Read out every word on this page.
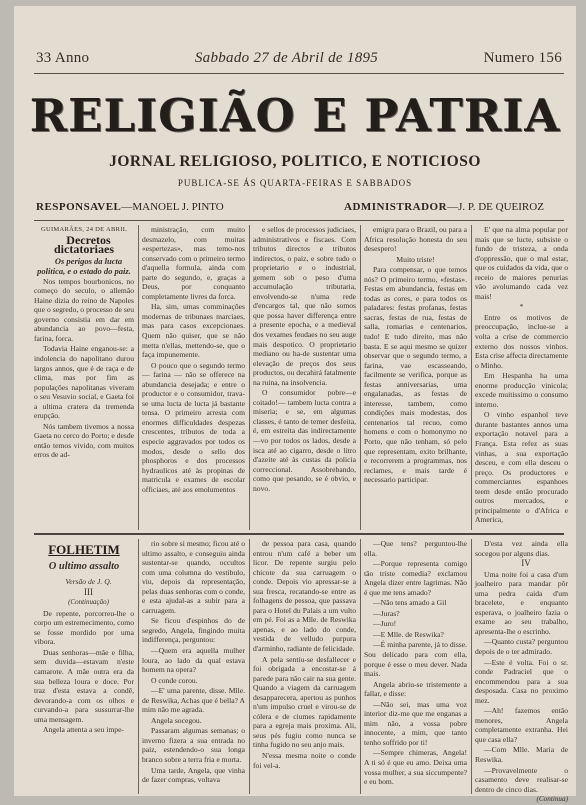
33 Anno	Sabbado 27 de Abril de 1895	Numero 156
RELIGIÃO E PATRIA
JORNAL RELIGIOSO, POLITICO, E NOTICIOSO
PUBLICA-SE ÁS QUARTA-FEIRAS E SABBADOS
RESPONSAVEL—MANOEL J. PINTO	ADMINISTRADOR—J. P. DE QUEIROZ

GUIMARÃES, 24 DE ABRIL

Decretos dictatoriaes

Os perigos da lucta politica, e o estado do paiz.

Nos tempos bourbonicos, no começo do seculo, o allemão Haine dizia do reino de Napoles que o segredo, o processo de seu governo consistia em dar em abundancia ao povo—festa, farina, forca.

Todavia Haine enganou-se: a indolencia do napolitano durou largos annos, que é de raça e de clima, mas por fim as populações napolitanas viveram o seu Vesuvio social, e Gaeta foi a ultima cratera da tremenda erupção.

Nós tambem tivemos a nossa Gaeta no cerco do Porto; e desde então temos vivido, com muitos erros de ad-

ministração, com muito desmazelo, com muitas «espertezas», mas temo-nos conservado com o primeiro termo d'aquella formula, ainda com parte do segundo, e, graças a Deus, por conquanto completamente livres da forca.

Ha, sim, umas comminações modernas de tribunaes marciaes, mas para casos excepcionaes. Quem não quiser, que se não metta n'ellas, mettendo-se, que o faça impunemente.

O pouco que o segundo termo — farina — não se offerece na abundancia desejada; e entre o productor e o consumidor, trava-se uma lucta de lucta já bastante tensa. O primeiro arresta com enormes difficuldades despezas crescentes, tributos de toda a especie aggravados por todos os modos, desde o sello dos phosphoros e dos processos hydraulicos até às propinas de matricula e exames de escolar officiaes, até aos emolumentos

e sellos de processos judiciaes, administrativos e fiscaes. Com tributos directos e tributos indirectos, o paiz, e sobre tudo o proprietario e o industrial, gemem sob o peso d'uma accumulação tributaria, envolvendo-se n'uma rede d'encargos tal, que não somos que possa haver differença entre a presente epocha, e a medieval dos vexames feudaes no seu auge mais despotico. O proprietario mediano ou ha-de sustentar uma elevação de preços dos seus productos, ou decahirá fatalmente na ruina, na insolvencia.

O consumidor pobre—e coitado!— tambem lucta contra a miseria; e se, em algumas classes, é tanto de temer desfeita, é, em estreita das indirectamente—vo por todos os lados, desde a isca até ao cigarro, desde o litro d'azeite até às custas da policia correccional. Assobrebando, como que pesando, se é obvio, e novo.

emigra para o Brazil, ou para a Africa resolução honesta do seu desespero!

Muito triste!

Para compensar, o que temos nós? O primeiro termo, «festas». Festas em abundancia, festas em todas as cores, e para todos os paladares: festas profanas, festas sacras, festas de rua, festas de salla, romarias e centenarios, tudo! E tudo direito, mas não basta. E se aqui mesmo se quizer observar que o segundo termo, a farina, vae escasseando, facilmente se verifica, porque as festas anniversarias, uma engalanadas, as festas de interesse, tambem, como condições mais modestas, dos centenarios tal recuo, como homens e com o homonymo no Porto, que não tenham, só pelo que representam, exito brilhante, e recorrerem a programmas, nos reclames, e mais tarde é necessario participar.

E' que na alma popular por mais que se lucte, subsiste o fundo de tristeza, a onda d'oppressão, que o mal estar, que os cuidados da vida, que o receio de maiores penurias vão avolumando cada vez mais!

*

Entre os motivos de preoccupação, inclue-se a volta a crise de commercio externo dos nossos vinhos. Esta crise affecta directamente o Minho.

Em Hespanha ha uma enorme producção vinicola; excede muitissimo o consumo interno.

O vinho espanhol teve durante bastantes annos uma exportação notavel para a França. Esta refez as suas vinhas, a sua exportação desceu, e com ella desceu o preço. Os productores e commerciantes espanhoes teem desde então procurado outros mercados, e principalmente o d'Africa e America,

FOLHETIM
O ultimo assalto

Versão de J. Q.

III

(Continuação)

De repente, porcorreu-lhe o corpo um estremecimento, como se fosse mordido por uma vibora.

Duas senhoras—mãe e filha, sem duvida—estavam n'este camarote. A mãe outra era da sua belleza loura e doce. Por traz d'esta estava a condê, devorando-a com os olhos e curvando-a para sussurrar-lhe uma mensagem.

Angela attenta a seu impe-

rio sobre si mesmo; ficou até o ultimo assalto, e conseguiu ainda sustentar-se quando, occultos com uma columna do vestibulo, viu, depois da representação, pelas duas senhoras com o conde, e esta ajudal-as a subir para a carruagem.

Se ficou d'espinhos do de segredo, Angela, fingindo muita indifferença, perguntou:

—Quem era aquella mulher loura, ao lado da qual estava homem na opera?

O conde corou.

—E' uma parente, disse. Mlle. de Reswika, Achas que é bella? A mim não me agrada.

Angela socegou.

Passaram algumas semanas; o inverno fizera a sua entrada no paiz, estendendo-o sua longa branco sobre a terra fria e morta.

Uma tarde, Angela, que vinha de fazer compras, voltava

de pessoa para casa, quando entrou n'um café a beber um licor. De repente surgiu pelo chicote da sua carruagem o conde. Depois vio apressar-se a sua fresca, recatando-se entre as folhagens de pessoa, que passava para o Hotel du Palais a um vulto em pé. Foi as a Mlle. de Reswika apenas, e ao lado do conde, vestida de velludo purpura d'arminho, radiante de felicidade.

A pela sentiu-se desfallecer e foi obrigada a encostar-se á parede para não cair na sua gente. Quando a viagem da carruagem desapparecera, apertou as punhos n'um impulso cruel e virou-se de cólera e de ciumes rapidamente para a egreja mais proxima. Ali, seus pés fugiu como nunca se tinha fugido no seu anjo mais.

N'essa mesma noite o conde foi vel-a.

—Que tens? perguntou-lhe ella.

—Porque representa comigo tão triste comedia? exclamou Angela dizer entre lagrimas. Não é que me tens amado?

—Não tens amado a Gil

—Juras?

—Juro!

—E Mlle. de Reswika?

—É minha parente, já to disse. Sou delicado para com ella, porque é esse o meu dever. Nada mais.

Angela abriu-se tristemente a fallar, e disse:

—Não sei, mas uma voz interior diz-me que me enganas a mim não, a vossa pobre innocente, a mim, que tanto tenho soffrido por ti!

—Sempre chimeras, Angela! A ti só é que eu amo. Deixa uma vossa mulher, a sua siccumpente? e eu bom.

D'esta vez ainda ella socegou por alguns dias.

IV

Uma noite foi a casa d'um joalheiro para mandar pôr uma pedra caida d'um bracelete, e enquanto esperava, o joalheiro fazia o exame ao seu trabalho, apresenta-lhe o escrinho.

—Quanto custa? perguntou depois de o ter admirado.

—Este é volta. Foi o sr. conde Padraciel que o encommendou para a sua desposada. Casa no proximo mez.

—Ah! fazemos então menores, Angela completamente extranha. Hei que casa ella?

—Com Mlle. Maria de Reswika.

—Provavelmente o casamento deve realisar-se dentro de cinco dias.

(Continua)
